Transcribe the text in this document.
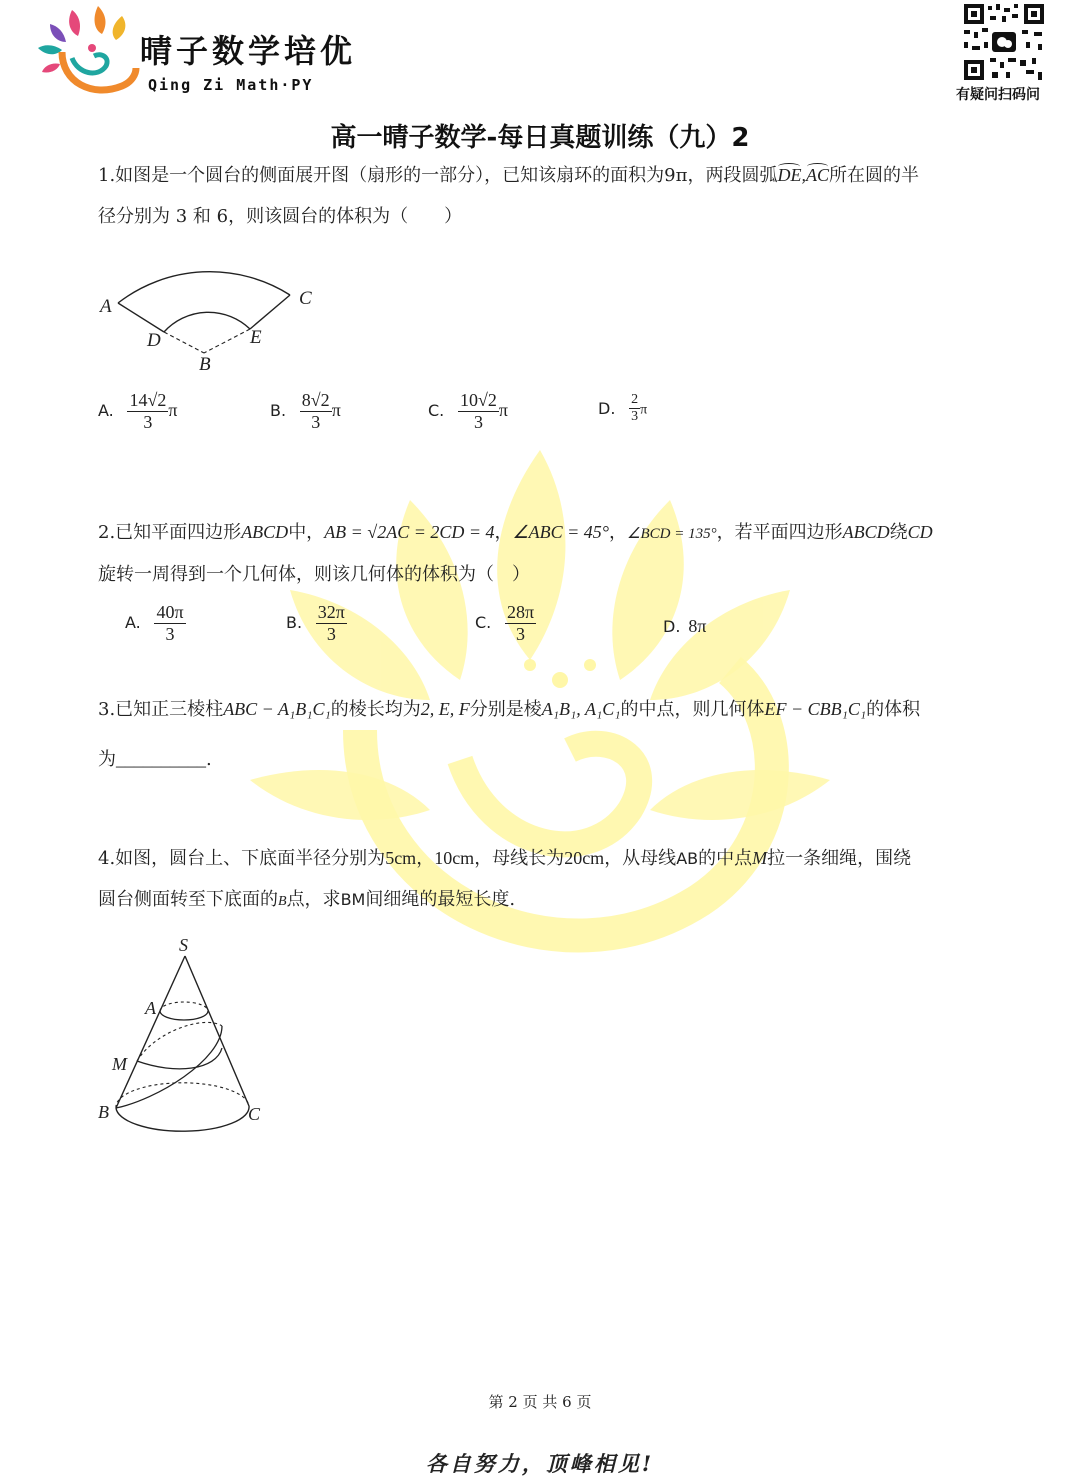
晴子数学培优
Qing Zi Math·PY
有疑问扫码问
高一晴子数学-每日真题训练（九）2
1.如图是一个圆台的侧面展开图（扇形的一部分），已知该扇环的面积为9π，两段圆弧DE,AC所在圆的半
径分别为 3 和 6，则该圆台的体积为（　　）
A	C
D	E
B
A. $\frac{14√2}{3}$ π	B. $\frac{8√2}{3}$ π	C. $\frac{10√2}{3}$ π	D. $\frac{2}{3}$ π
2.已知平面四边形ABCD中，AB = √2AC = 2CD = 4，∠ABC = 45°，∠BCD = 135°，若平面四边形ABCD绕CD
旋转一周得到一个几何体，则该几何体的体积为（　）
A. $\frac{40\pi}{3}$	B. $\frac{32\pi}{3}$	C. $\frac{28\pi}{3}$	D. 8π
3.已知正三棱柱ABC − A₁B₁C₁的棱长均为2, E, F分别是棱A₁B₁, A₁C₁的中点，则几何体EF − CBB₁C₁的体积
为__________.
4.如图，圆台上、下底面半径分别为5cm，10cm，母线长为20cm，从母线AB的中点M拉一条细绳，围绕
圆台侧面转至下底面的B点，求BM间细绳的最短长度.
S
A
M
B	C
第 2 页 共 6 页
各自努力，顶峰相见!
